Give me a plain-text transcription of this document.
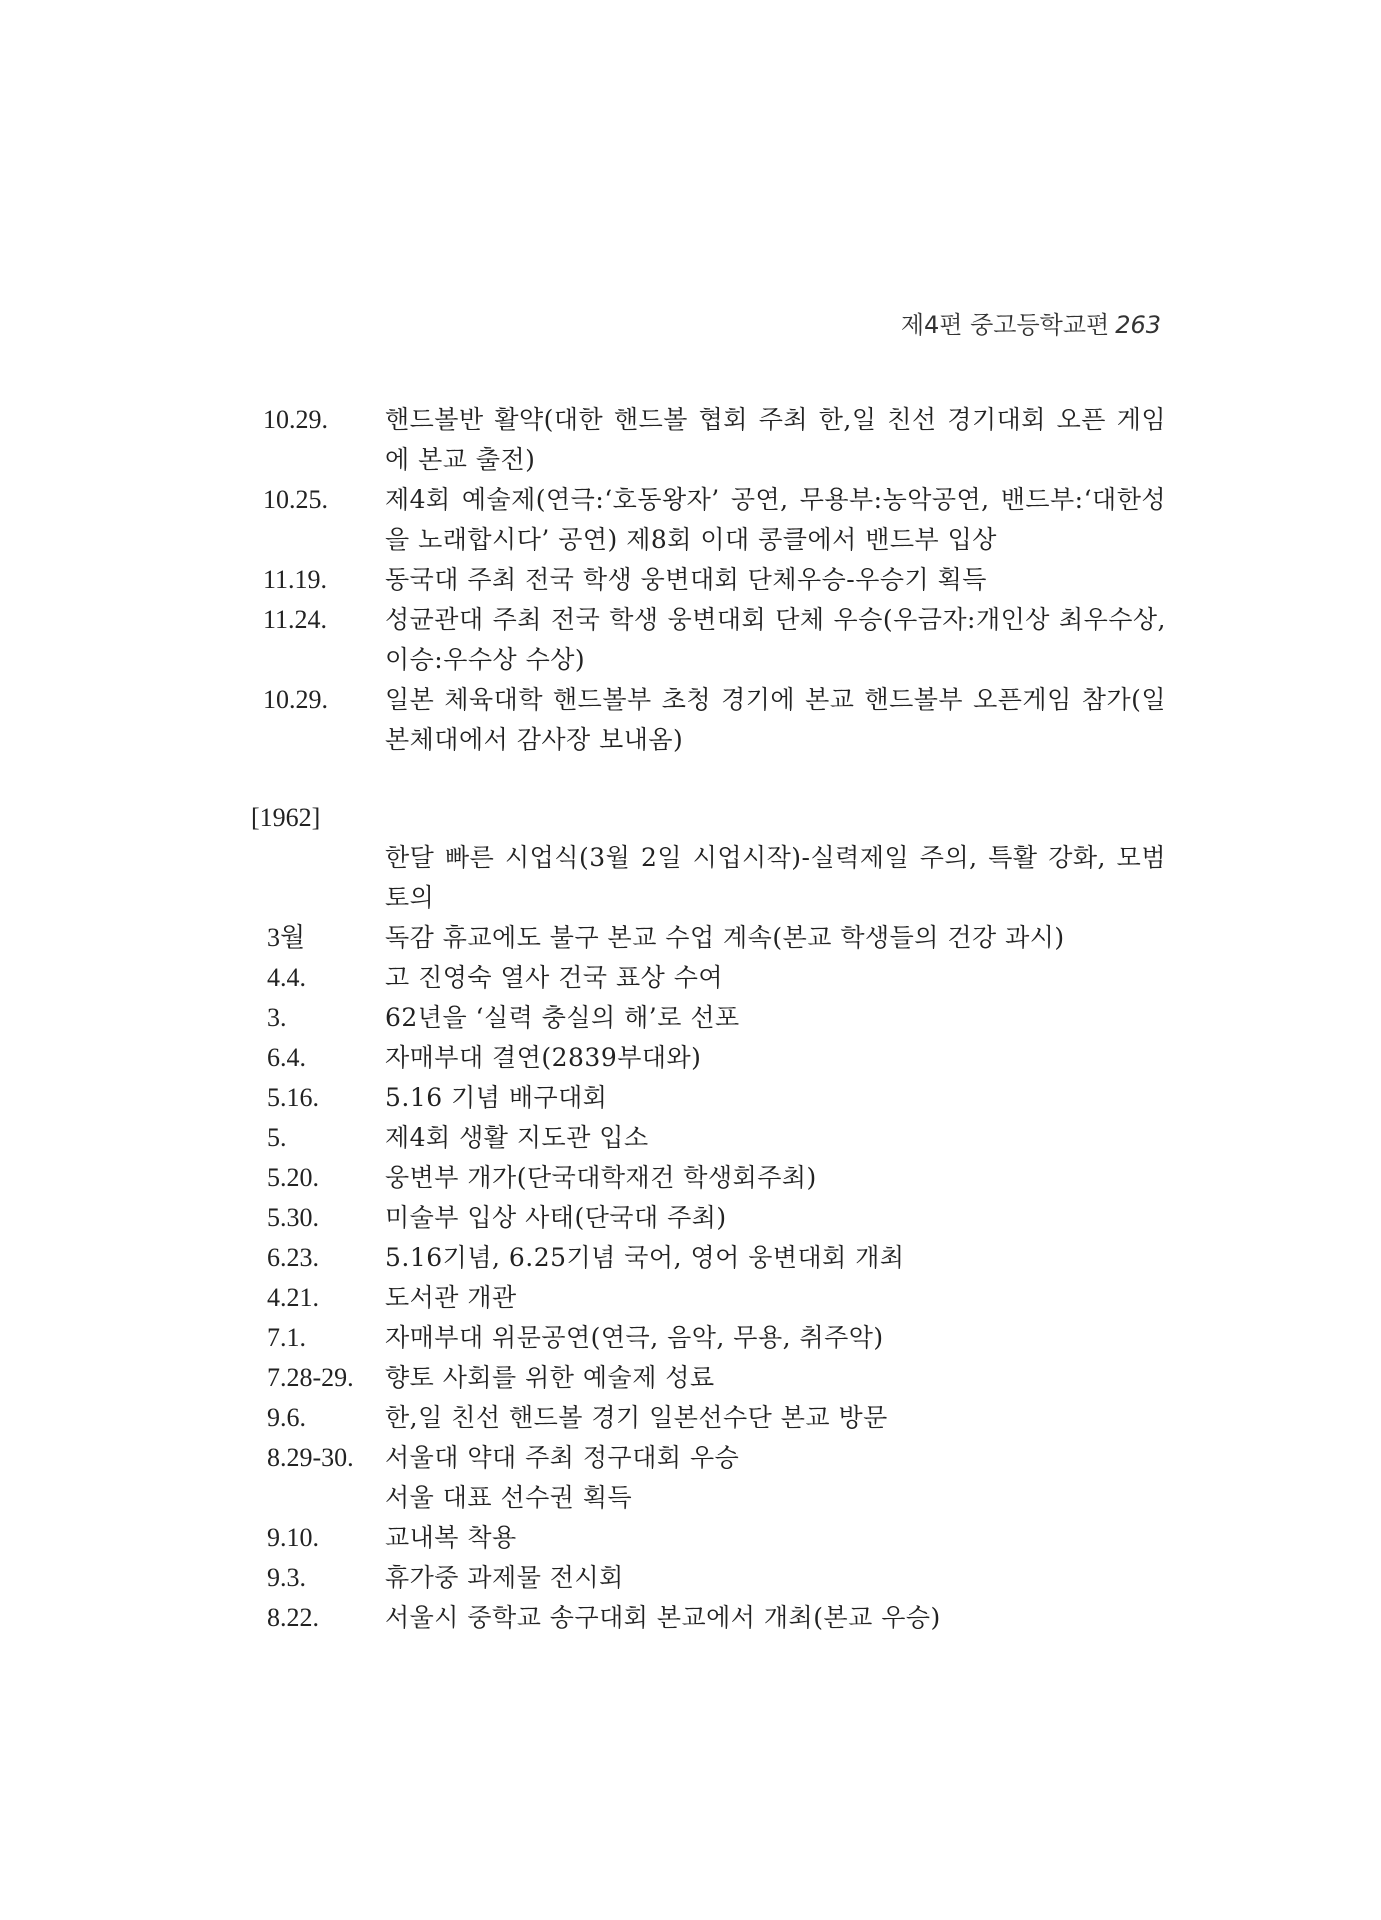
제4편 중고등학교편 263
10.29.	핸드볼반 활약(대한 핸드볼 협회 주최 한,일 친선 경기대회 오픈 게임에 본교 출전)
10.25.	제4회 예술제(연극:‘호동왕자’ 공연, 무용부:농악공연, 밴드부:‘대한성을 노래합시다’ 공연) 제8회 이대 콩클에서 밴드부 입상
11.19.	동국대 주최 전국 학생 웅변대회 단체우승-우승기 획득
11.24.	성균관대 주최 전국 학생 웅변대회 단체 우승(우금자:개인상 최우수상, 이승:우수상 수상)
10.29.	일본 체육대학 핸드볼부 초청 경기에 본교 핸드볼부 오픈게임 참가(일본체대에서 감사장 보내옴)
[1962]
한달 빠른 시업식(3월 2일 시업시작)-실력제일 주의, 특활 강화, 모범 토의
3월	독감 휴교에도 불구 본교 수업 계속(본교 학생들의 건강 과시)
4.4.	고 진영숙 열사 건국 표상 수여
3.	62년을 ‘실력 충실의 해’로 선포
6.4.	자매부대 결연(2839부대와)
5.16.	5.16 기념 배구대회
5.	제4회 생활 지도관 입소
5.20.	웅변부 개가(단국대학재건 학생회주최)
5.30.	미술부 입상 사태(단국대 주최)
6.23.	5.16기념, 6.25기념 국어, 영어 웅변대회 개최
4.21.	도서관 개관
7.1.	자매부대 위문공연(연극, 음악, 무용, 취주악)
7.28-29.	향토 사회를 위한 예술제 성료
9.6.	한,일 친선 핸드볼 경기 일본선수단 본교 방문
8.29-30.	서울대 약대 주최 정구대회 우승
서울 대표 선수권 획득
9.10.	교내복 착용
9.3.	휴가중 과제물 전시회
8.22.	서울시 중학교 송구대회 본교에서 개최(본교 우승)
